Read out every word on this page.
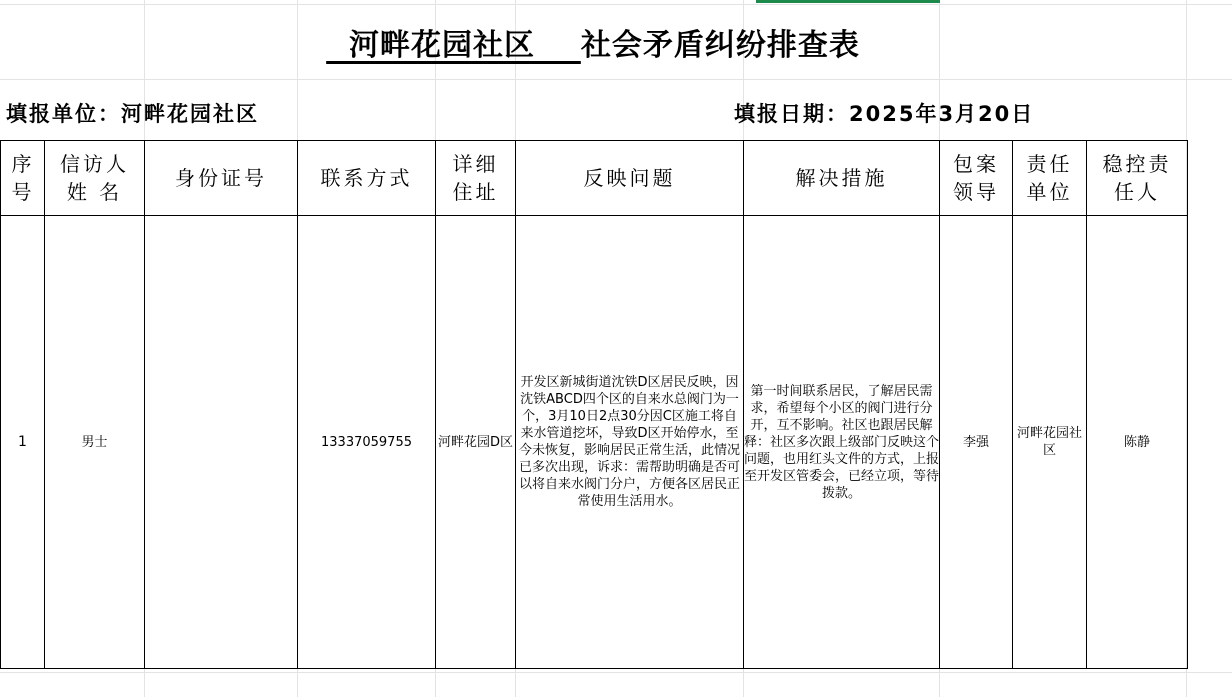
河畔花园社区    社会矛盾纠纷排查表
填报单位：河畔花园社区	填报日期：2025年3月20日
序号	信访人姓 名	身份证号	联系方式	详细住址	反映问题	解决措施	包案领导	责任单位	稳控责任人
1	男士		13337059755	河畔花园D区	开发区新城街道沈铁D区居民反映，因沈铁ABCD四个区的自来水总阀门为一个，3月10日2点30分因C区施工将自来水管道挖坏，导致D区开始停水，至今未恢复，影响居民正常生活，此情况已多次出现，诉求：需帮助明确是否可以将自来水阀门分户，方便各区居民正常使用生活用水。	第一时间联系居民，了解居民需求，希望每个小区的阀门进行分开，互不影响。社区也跟居民解释：社区多次跟上级部门反映这个问题，也用红头文件的方式，上报至开发区管委会，已经立项，等待拨款。	李强	河畔花园社区	陈静
